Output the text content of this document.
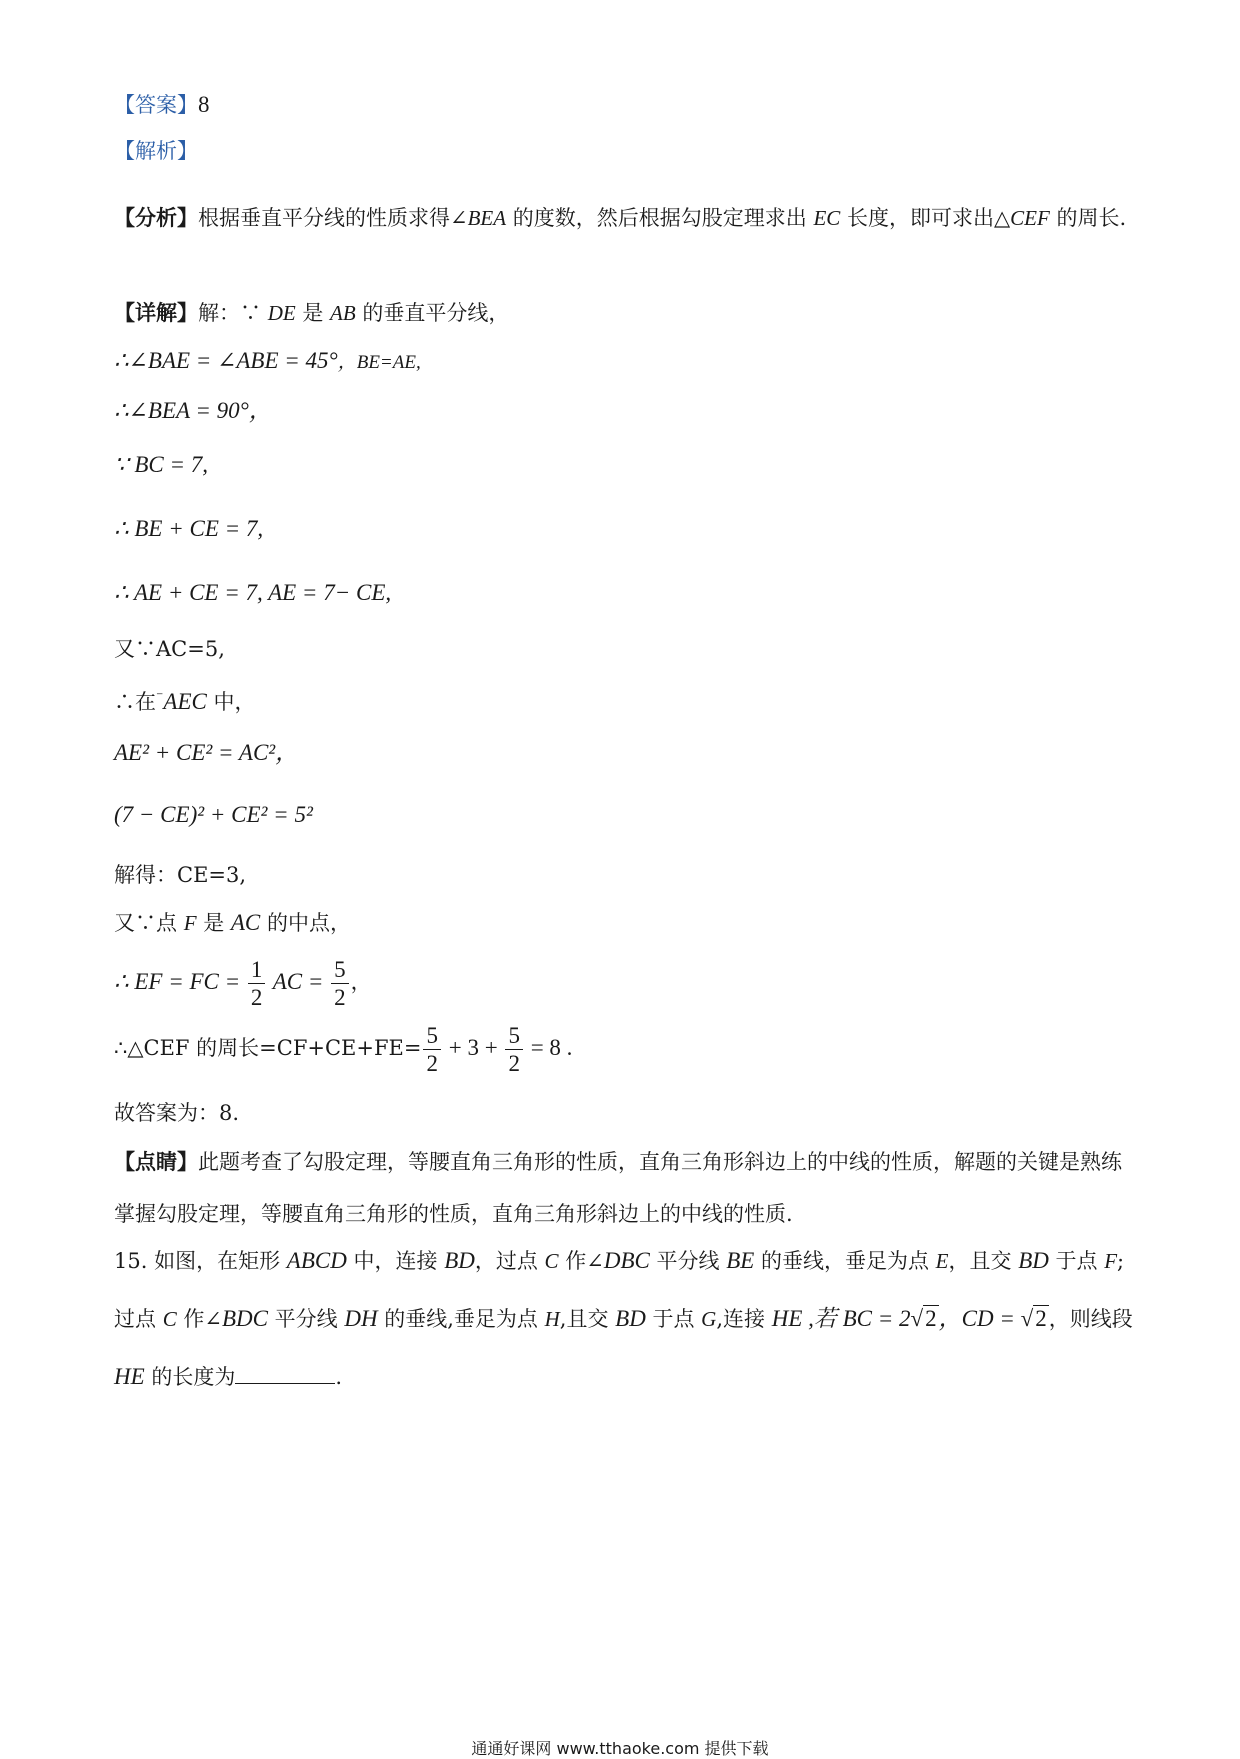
【答案】8
【解析】
【分析】根据垂直平分线的性质求得∠BEA 的度数，然后根据勾股定理求出 EC 长度，即可求出△CEF 的周长.
【详解】解：∵ DE 是 AB 的垂直平分线，
∴∠BAE = ∠ABE = 45°，BE=AE,
∴∠BEA = 90°，
∵ BC = 7,
∴ BE + CE = 7,
∴ AE + CE = 7, AE = 7− CE,
又∵AC=5,
∴在⁻AEC 中，
AE² + CE² = AC²，
(7 − CE)² + CE² = 5²
解得：CE=3,
又∵点 F 是 AC 的中点，
∴ EF = FC = $\frac{1}{2}$ AC = $\frac{5}{2}$ ，
∴△CEF 的周长$=CF+CE+FE= \frac{5}{2} + 3 + \frac{5}{2} = 8$ .
故答案为：8.
【点睛】此题考查了勾股定理，等腰直角三角形的性质，直角三角形斜边上的中线的性质，解题的关键是熟练掌握勾股定理，等腰直角三角形的性质，直角三角形斜边上的中线的性质.
15. 如图，在矩形 ABCD 中，连接 BD，过点 C 作∠DBC 平分线 BE 的垂线，垂足为点 E，且交 BD 于点 F;过点 C 作∠BDC 平分线 DH 的垂线,垂足为点 H,且交 BD 于点 G,连接 HE ,若 BC = 2√2，CD = √2，则线段 HE 的长度为	.
通通好课网 www.tthaoke.com 提供下载
